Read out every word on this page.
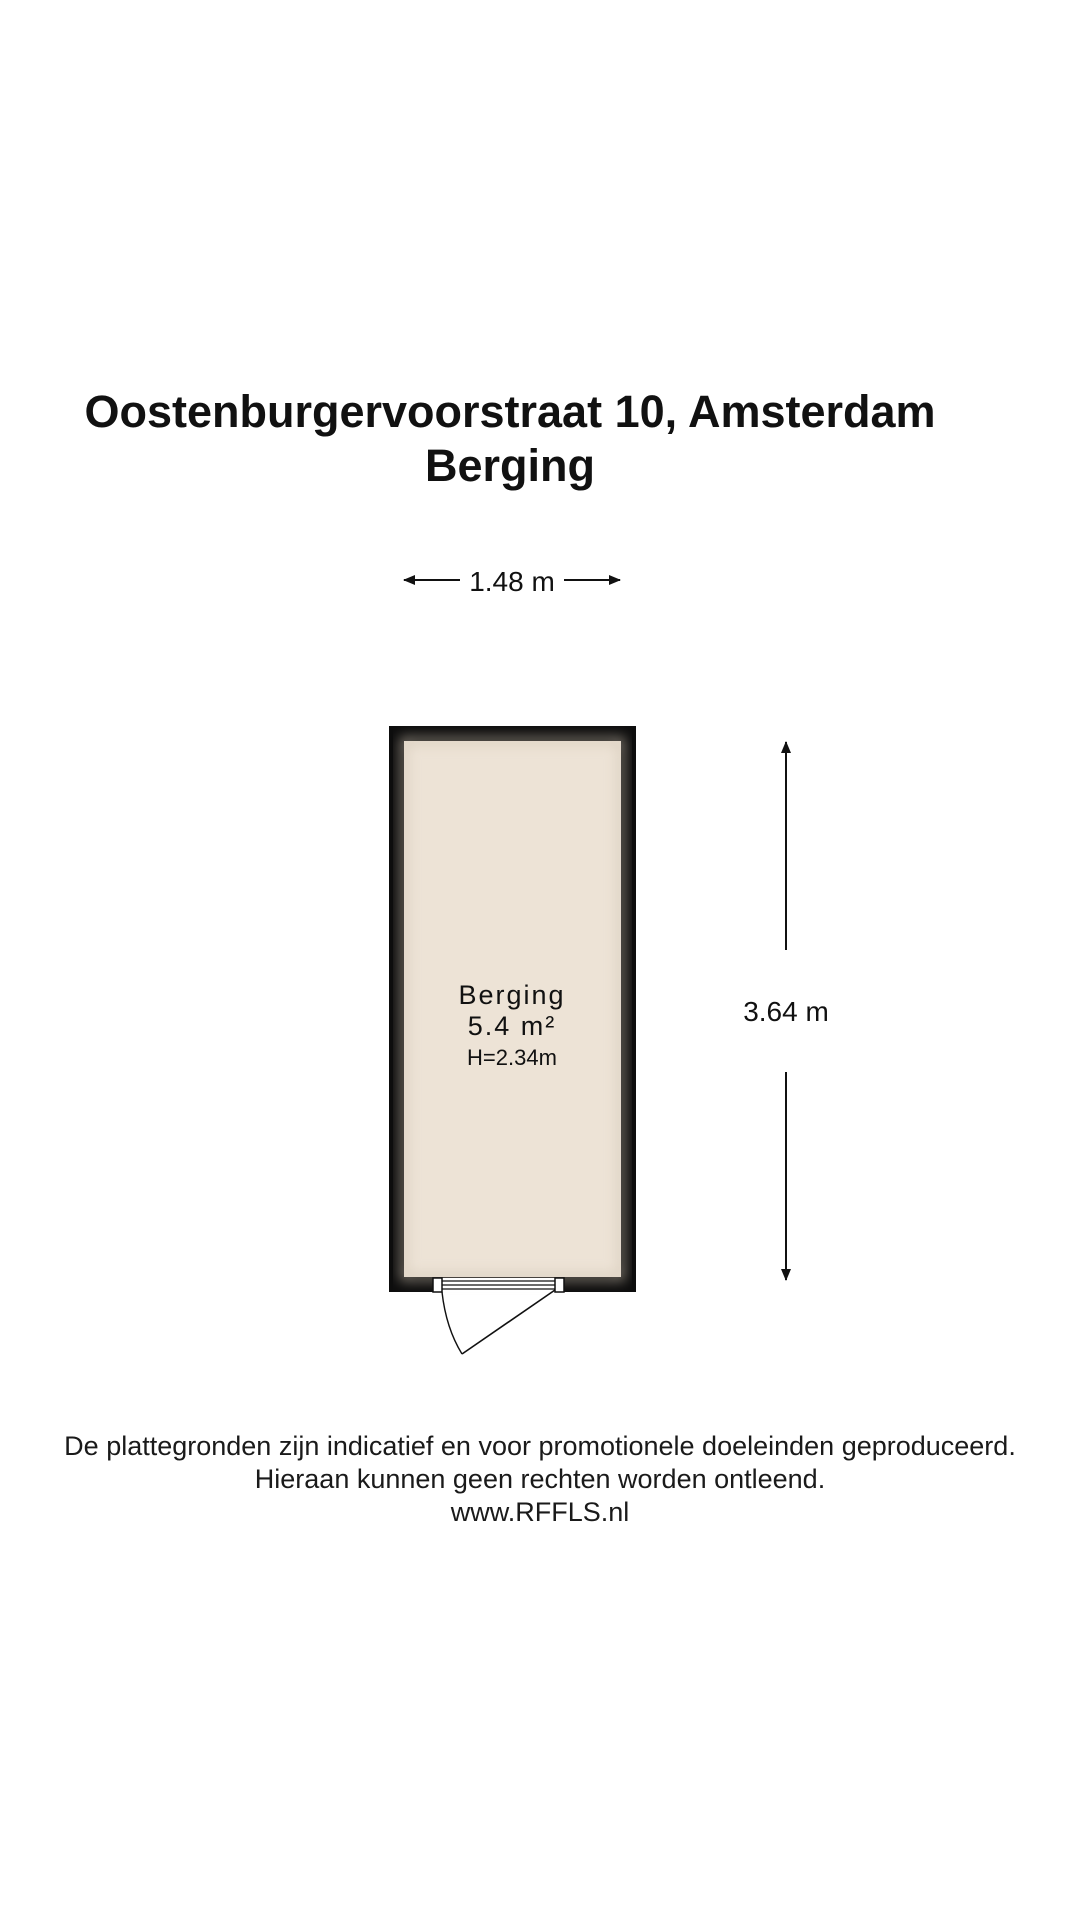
Oostenburgervoorstraat 10, Amsterdam
Berging
1.48 m
Berging
5.4 m²
H=2.34m
3.64 m
De plattegronden zijn indicatief en voor promotionele doeleinden geproduceerd.
Hieraan kunnen geen rechten worden ontleend.
www.RFFLS.nl
